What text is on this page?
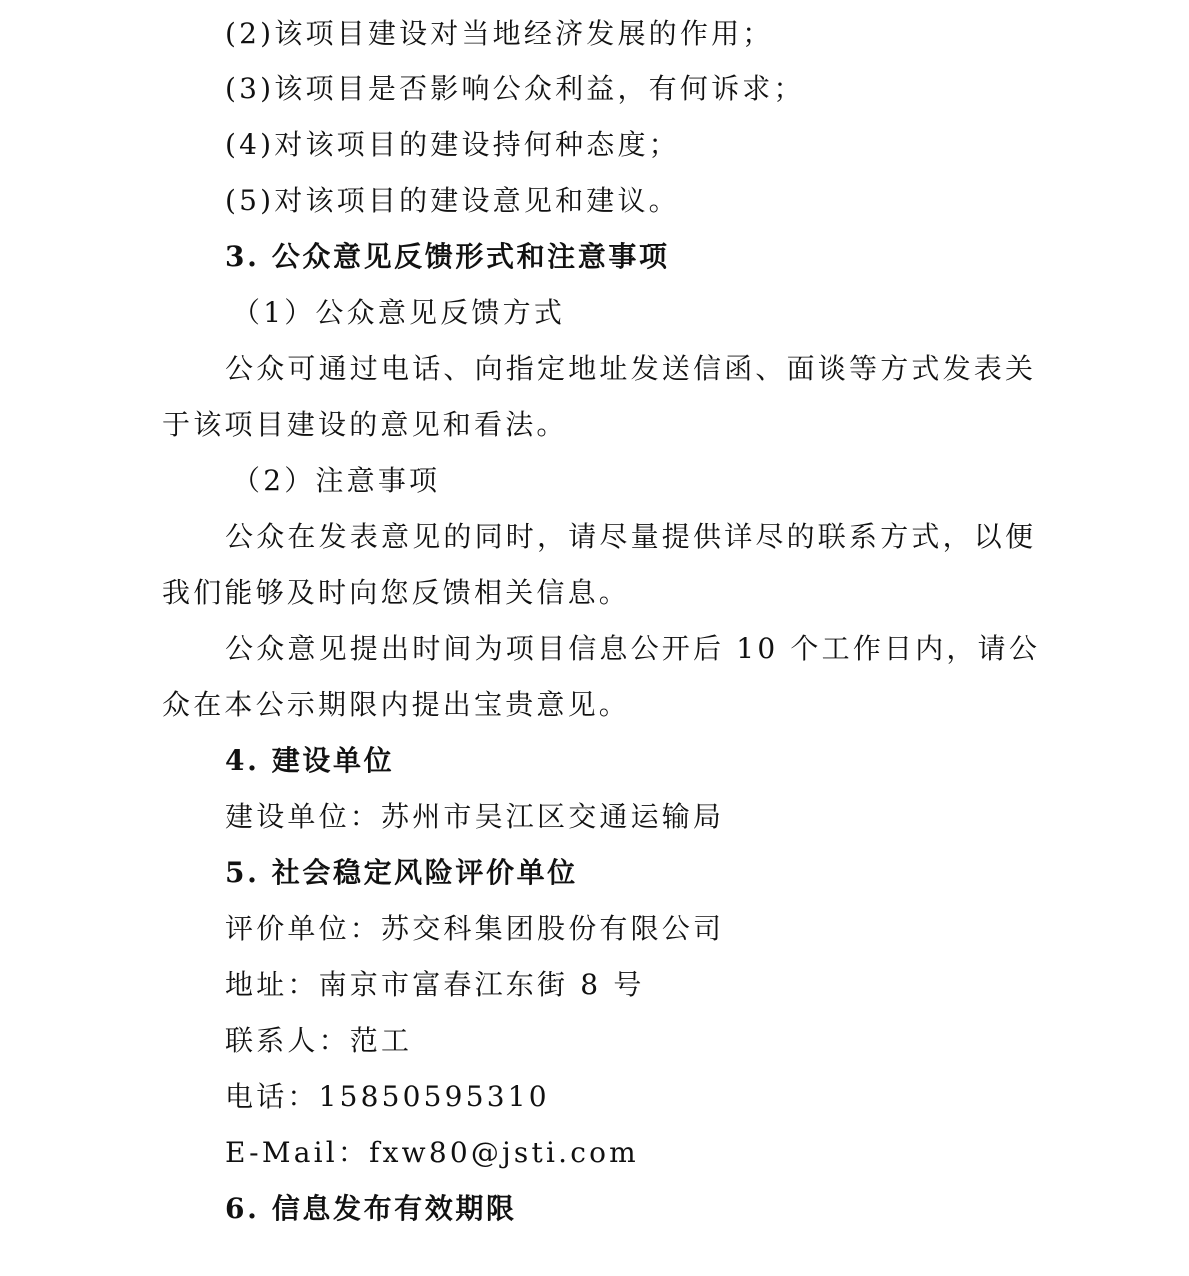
(2)该项目建设对当地经济发展的作用；
(3)该项目是否影响公众利益，有何诉求；
(4)对该项目的建设持何种态度；
(5)对该项目的建设意见和建议。
3. 公众意见反馈形式和注意事项
（1）公众意见反馈方式
公众可通过电话、向指定地址发送信函、面谈等方式发表关
于该项目建设的意见和看法。
（2）注意事项
公众在发表意见的同时，请尽量提供详尽的联系方式，以便
我们能够及时向您反馈相关信息。
公众意见提出时间为项目信息公开后 10 个工作日内，请公
众在本公示期限内提出宝贵意见。
4. 建设单位
建设单位：苏州市吴江区交通运输局
5. 社会稳定风险评价单位
评价单位：苏交科集团股份有限公司
地址：南京市富春江东街 8 号
联系人：范工
电话：15850595310
E-Mail：fxw80@jsti.com
6. 信息发布有效期限
